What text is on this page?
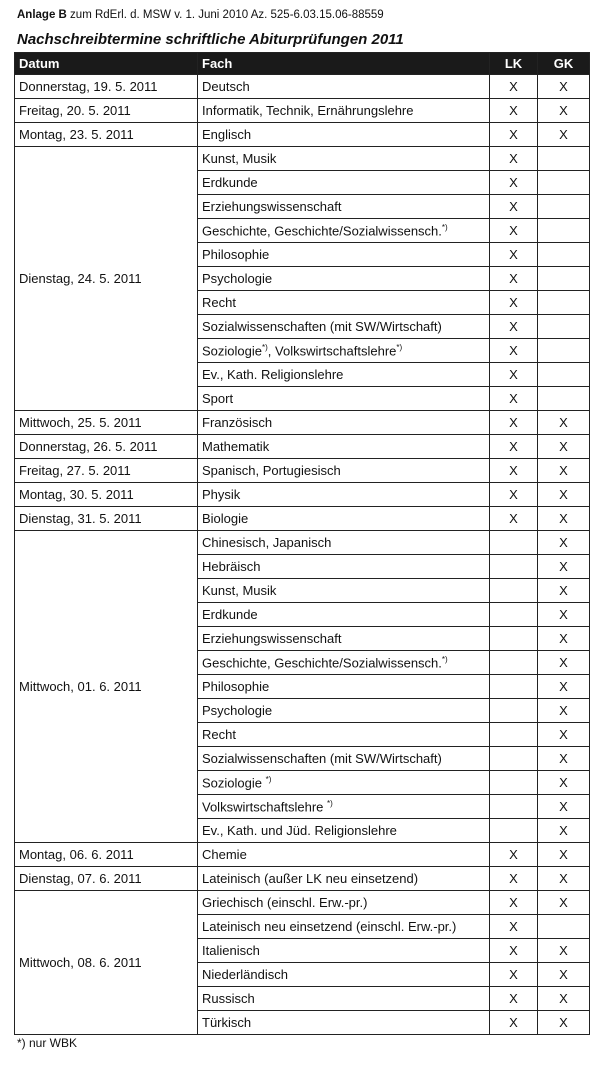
Anlage B zum RdErl. d. MSW v. 1. Juni 2010 Az. 525-6.03.15.06-88559
Nachschreibtermine schriftliche Abiturprüfungen 2011
Datum	Fach	LK	GK
Donnerstag, 19. 5. 2011	Deutsch	X	X
Freitag, 20. 5. 2011	Informatik, Technik, Ernährungslehre	X	X
Montag, 23. 5. 2011	Englisch	X	X
Dienstag, 24. 5. 2011	Kunst, Musik	X	
	Erdkunde	X	
	Erziehungswissenschaft	X	
	Geschichte, Geschichte/Sozialwissensch.*)	X	
	Philosophie	X	
	Psychologie	X	
	Recht	X	
	Sozialwissenschaften (mit SW/Wirtschaft)	X	
	Soziologie*), Volkswirtschaftslehre*)	X	
	Ev., Kath. Religionslehre	X	
	Sport	X	
Mittwoch, 25. 5. 2011	Französisch	X	X
Donnerstag, 26. 5. 2011	Mathematik	X	X
Freitag, 27. 5. 2011	Spanisch, Portugiesisch	X	X
Montag, 30. 5. 2011	Physik	X	X
Dienstag, 31. 5. 2011	Biologie	X	X
Mittwoch, 01. 6. 2011	Chinesisch, Japanisch		X
	Hebräisch		X
	Kunst, Musik		X
	Erdkunde		X
	Erziehungswissenschaft		X
	Geschichte, Geschichte/Sozialwissensch.*)		X
	Philosophie		X
	Psychologie		X
	Recht		X
	Sozialwissenschaften (mit SW/Wirtschaft)		X
	Soziologie *)		X
	Volkswirtschaftslehre *)		X
	Ev., Kath. und Jüd. Religionslehre		X
Montag, 06. 6. 2011	Chemie	X	X
Dienstag, 07. 6. 2011	Lateinisch (außer LK neu einsetzend)	X	X
Mittwoch, 08. 6. 2011	Griechisch (einschl. Erw.-pr.)	X	X
	Lateinisch neu einsetzend (einschl. Erw.-pr.)	X	
	Italienisch	X	X
	Niederländisch	X	X
	Russisch	X	X
	Türkisch	X	X
*) nur WBK
